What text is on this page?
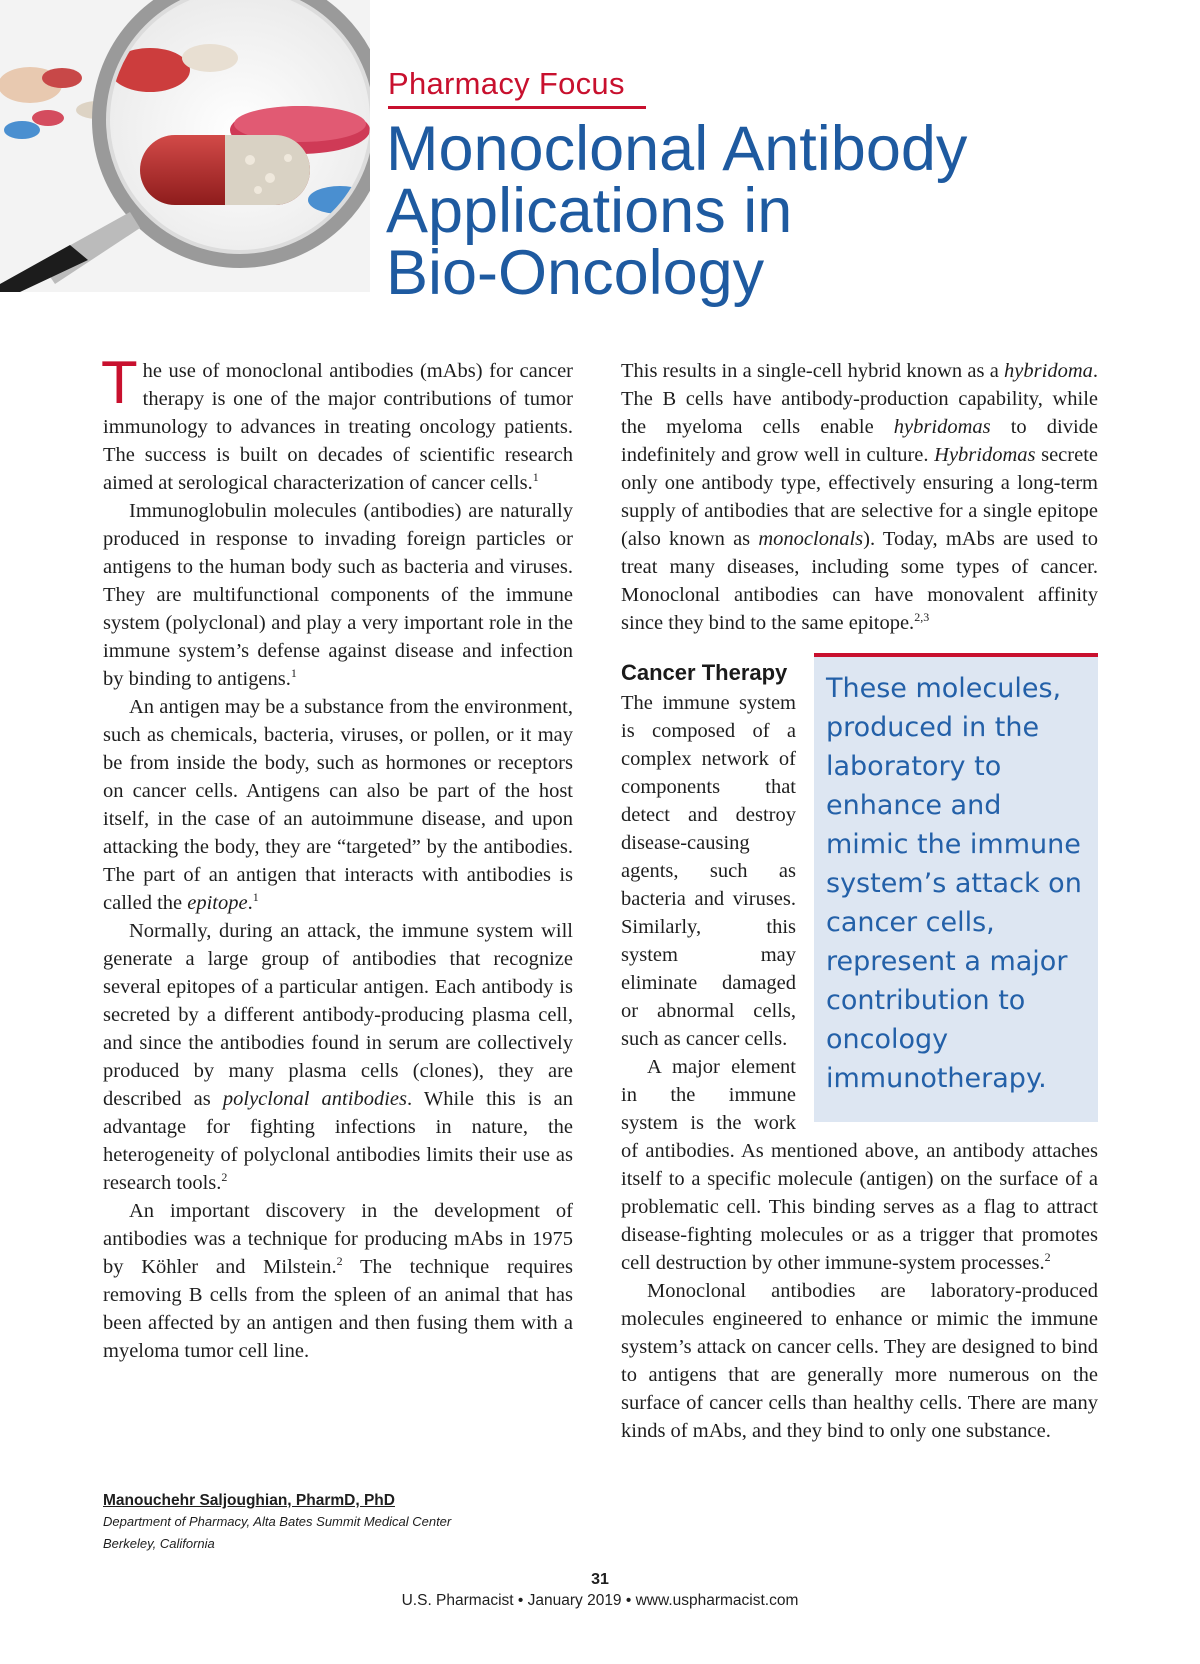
Pharmacy Focus
Monoclonal Antibody
Applications in
Bio-Oncology

The use of monoclonal antibodies (mAbs) for cancer therapy is one of the major contributions of tumor immunology to advances in treating oncology patients. The success is built on decades of scientific research aimed at serological characterization of cancer cells.$^1$

Immunoglobulin molecules (antibodies) are naturally produced in response to invading foreign particles or antigens to the human body such as bacteria and viruses. They are multifunctional components of the immune system (polyclonal) and play a very important role in the immune system’s defense against disease and infection by binding to antigens.$^1$

An antigen may be a substance from the environment, such as chemicals, bacteria, viruses, or pollen, or it may be from inside the body, such as hormones or receptors on cancer cells. Antigens can also be part of the host itself, in the case of an autoimmune disease, and upon attacking the body, they are “targeted” by the antibodies. The part of an antigen that interacts with antibodies is called the epitope.$^1$

Normally, during an attack, the immune system will generate a large group of antibodies that recognize several epitopes of a particular antigen. Each antibody is secreted by a different antibody-producing plasma cell, and since the antibodies found in serum are collectively produced by many plasma cells (clones), they are described as polyclonal antibodies. While this is an advantage for fighting infections in nature, the heterogeneity of polyclonal antibodies limits their use as research tools.$^2$

An important discovery in the development of antibodies was a technique for producing mAbs in 1975 by Köhler and Milstein.$^2$ The technique requires removing B cells from the spleen of an animal that has been affected by an antigen and then fusing them with a myeloma tumor cell line.

This results in a single-cell hybrid known as a hybridoma. The B cells have antibody-production capability, while the myeloma cells enable hybridomas to divide indefinitely and grow well in culture. Hybridomas secrete only one antibody type, effectively ensuring a long-term supply of antibodies that are selective for a single epitope (also known as monoclonals). Today, mAbs are used to treat many diseases, including some types of cancer. Monoclonal antibodies can have monovalent affinity since they bind to the same epitope.$^{2,3}$

These molecules, produced in the laboratory to enhance and mimic the immune system’s attack on cancer cells, represent a major contribution to oncology immunotherapy.
Cancer Therapy

The immune system is composed of a complex network of components that detect and destroy disease-causing agents, such as bacteria and viruses. Similarly, this system may eliminate damaged or abnormal cells, such as cancer cells.

A major element in the immune system is the work of antibodies. As mentioned above, an antibody attaches itself to a specific molecule (antigen) on the surface of a problematic cell. This binding serves as a flag to attract disease-fighting molecules or as a trigger that promotes cell destruction by other immune-system processes.$^2$

Monoclonal antibodies are laboratory-produced molecules engineered to enhance or mimic the immune system’s attack on cancer cells. They are designed to bind to antigens that are generally more numerous on the surface of cancer cells than healthy cells. There are many kinds of mAbs, and they bind to only one substance.

Manouchehr Saljoughian, PharmD, PhD
Department of Pharmacy, Alta Bates Summit Medical Center
Berkeley, California
31
U.S. Pharmacist • January 2019 • www.uspharmacist.com
